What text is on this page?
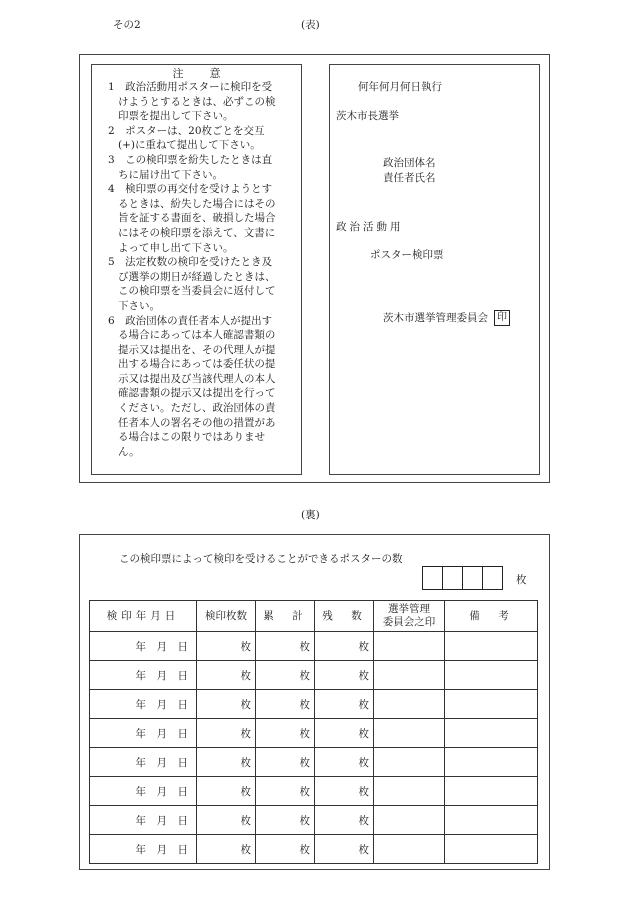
その2	(表)
注意
1　政治活動用ポスターに検印を受
けようとするときは、必ずこの検
印票を提出して下さい。
2　ポスターは、20枚ごとを交互
(+)に重ねて提出して下さい。
3　この検印票を紛失したときは直
ちに届け出て下さい。
4　検印票の再交付を受けようとす
るときは、紛失した場合にはその
旨を証する書面を、破損した場合
にはその検印票を添えて、文書に
よって申し出て下さい。
5　法定枚数の検印を受けたとき及
び選挙の期日が経過したときは、
この検印票を当委員会に返付して
下さい。
6　政治団体の責任者本人が提出す
る場合にあっては本人確認書類の
提示又は提出を、その代理人が提
出する場合にあっては委任状の提
示又は提出及び当該代理人の本人
確認書類の提示又は提出を行って
ください。ただし、政治団体の責
任者本人の署名その他の措置があ
る場合はこの限りではありませ
ん。
何年何月何日執行
茨木市長選挙
政治団体名
責任者氏名
政治活動用
ポスター検印票
茨木市選挙管理委員会 印
(裏)
この検印票によって検印を受けることができるポスターの数
枚
検印年月日	検印枚数	累　計	残　数	選挙管理
委員会之印	備　考
年　月　日	枚	枚	枚		
年　月　日	枚	枚	枚		
年　月　日	枚	枚	枚		
年　月　日	枚	枚	枚		
年　月　日	枚	枚	枚		
年　月　日	枚	枚	枚		
年　月　日	枚	枚	枚		
年　月　日	枚	枚	枚		
